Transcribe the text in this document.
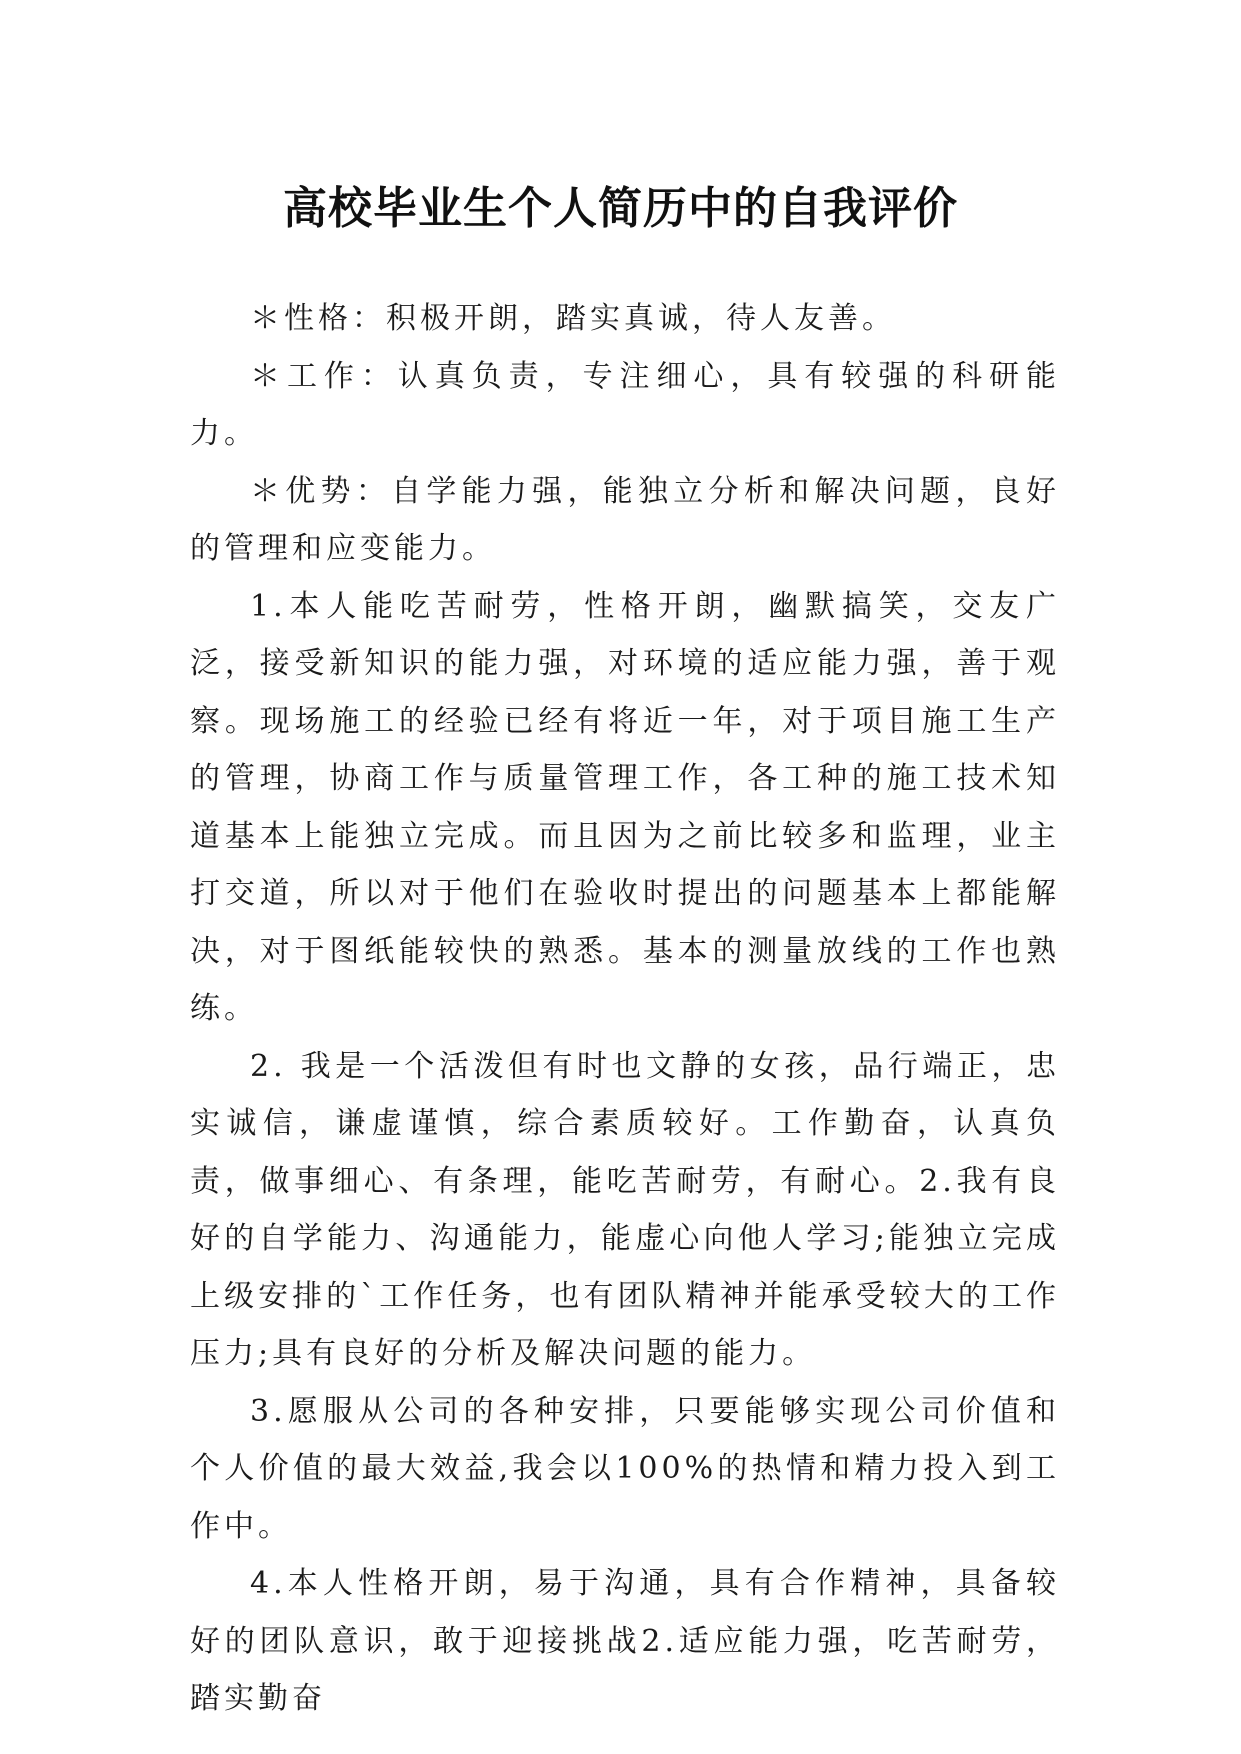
高校毕业生个人简历中的自我评价

＊性格：积极开朗，踏实真诚，待人友善。

＊工作：认真负责，专注细心，具有较强的科研能力。

＊优势：自学能力强，能独立分析和解决问题，良好的管理和应变能力。

1.本人能吃苦耐劳，性格开朗，幽默搞笑，交友广泛，接受新知识的能力强，对环境的适应能力强，善于观察。现场施工的经验已经有将近一年，对于项目施工生产的管理，协商工作与质量管理工作，各工种的施工技术知道基本上能独立完成。而且因为之前比较多和监理，业主打交道，所以对于他们在验收时提出的问题基本上都能解决，对于图纸能较快的熟悉。基本的测量放线的工作也熟练。

2. 我是一个活泼但有时也文静的女孩，品行端正，忠实诚信，谦虚谨慎，综合素质较好。工作勤奋，认真负责，做事细心、有条理，能吃苦耐劳，有耐心。2.我有良好的自学能力、沟通能力，能虚心向他人学习;能独立完成上级安排的`工作任务，也有团队精神并能承受较大的工作压力;具有良好的分析及解决问题的能力。

3.愿服从公司的各种安排，只要能够实现公司价值和个人价值的最大效益,我会以100%的热情和精力投入到工作中。

4.本人性格开朗，易于沟通，具有合作精神，具备较好的团队意识，敢于迎接挑战2.适应能力强，吃苦耐劳，踏实勤奋
